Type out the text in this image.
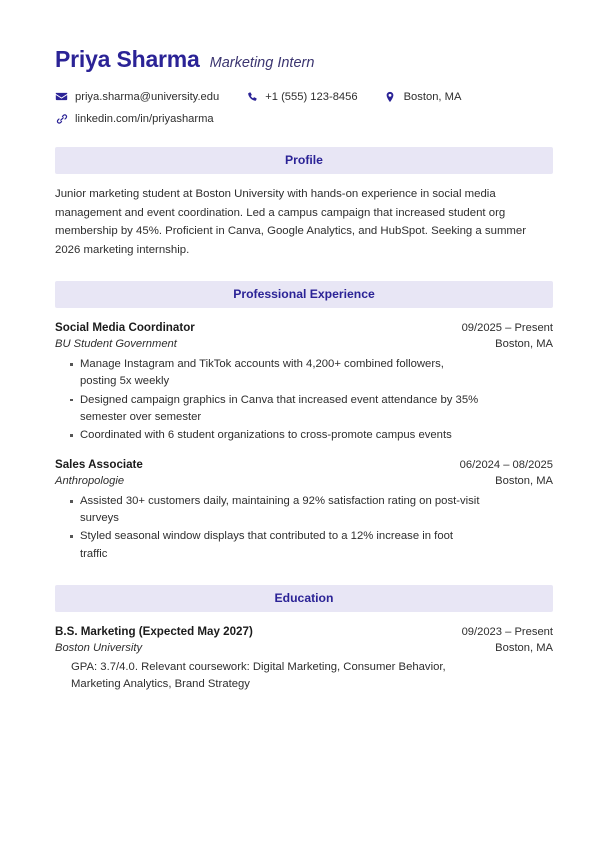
Priya Sharma Marketing Intern
priya.sharma@university.edu	+1 (555) 123-8456	Boston, MA
linkedin.com/in/priyasharma
Profile

Junior marketing student at Boston University with hands-on experience in social media management and event coordination. Led a campus campaign that increased student org membership by 45%. Proficient in Canva, Google Analytics, and HubSpot. Seeking a summer 2026 marketing internship.

Professional Experience
Social Media Coordinator
BU Student Government
09/2025 – Present
Boston, MA
Manage Instagram and TikTok accounts with 4,200+ combined followers, posting 5x weekly
Designed campaign graphics in Canva that increased event attendance by 35% semester over semester
Coordinated with 6 student organizations to cross-promote campus events
Sales Associate
Anthropologie
06/2024 – 08/2025
Boston, MA
Assisted 30+ customers daily, maintaining a 92% satisfaction rating on post-visit surveys
Styled seasonal window displays that contributed to a 12% increase in foot traffic
Education
B.S. Marketing (Expected May 2027)
Boston University
09/2023 – Present
Boston, MA

GPA: 3.7/4.0. Relevant coursework: Digital Marketing, Consumer Behavior, Marketing Analytics, Brand Strategy
